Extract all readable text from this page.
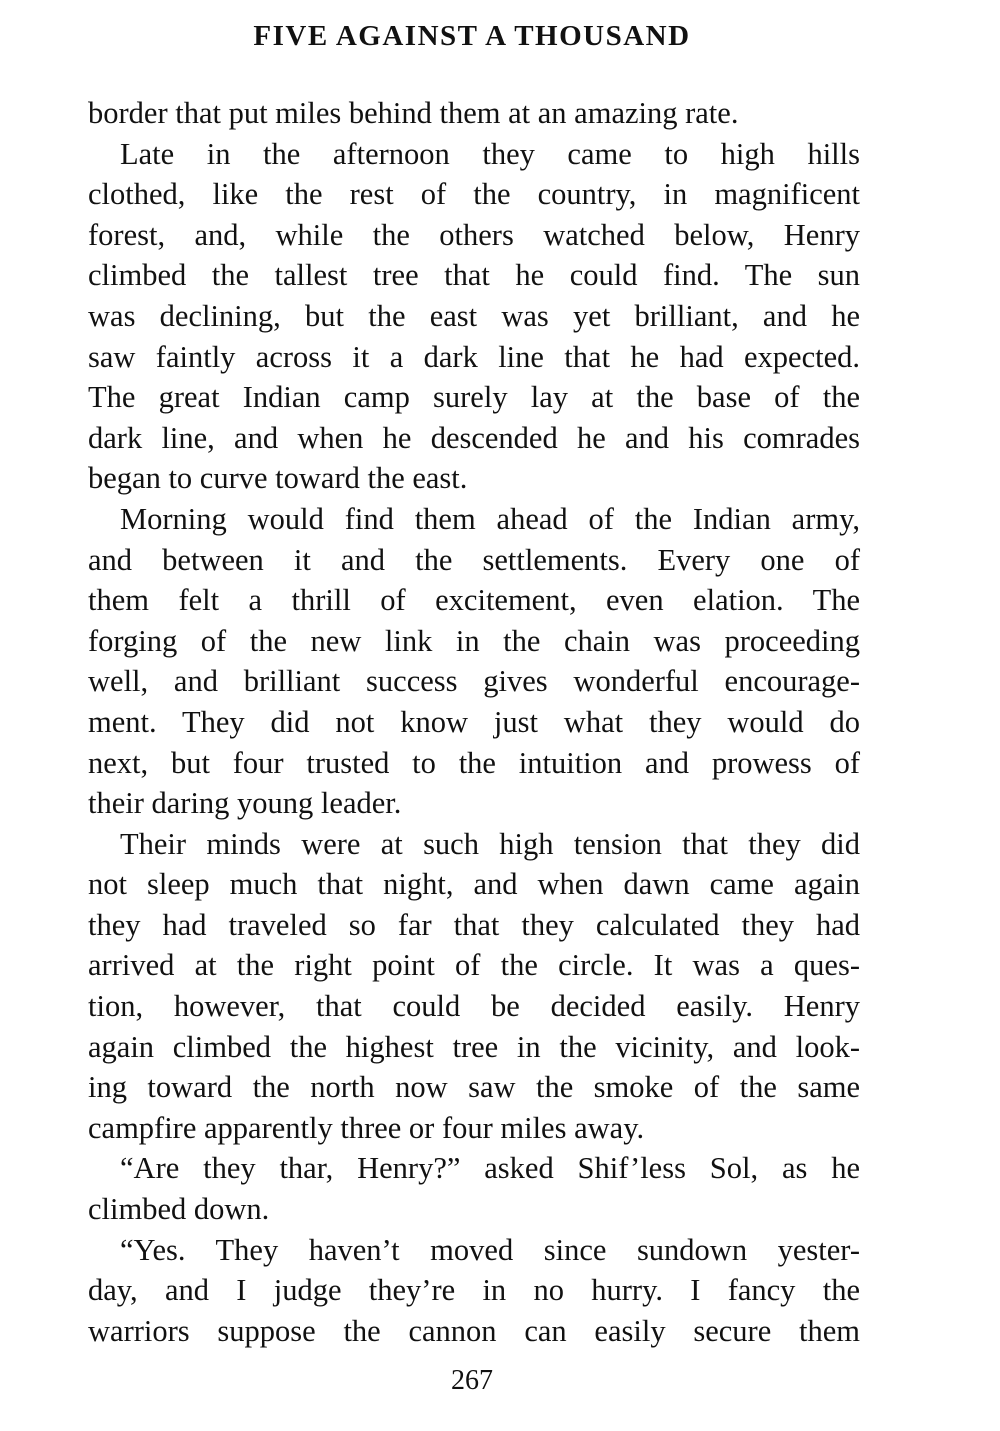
FIVE AGAINST A THOUSAND
border that put miles behind them at an amazing rate.
Late in the afternoon they came to high hills
clothed, like the rest of the country, in magnificent
forest, and, while the others watched below, Henry
climbed the tallest tree that he could find. The sun
was declining, but the east was yet brilliant, and he
saw faintly across it a dark line that he had expected.
The great Indian camp surely lay at the base of the
dark line, and when he descended he and his comrades
began to curve toward the east.
Morning would find them ahead of the Indian army,
and between it and the settlements. Every one of
them felt a thrill of excitement, even elation. The
forging of the new link in the chain was proceeding
well, and brilliant success gives wonderful encourage-
ment. They did not know just what they would do
next, but four trusted to the intuition and prowess of
their daring young leader.
Their minds were at such high tension that they did
not sleep much that night, and when dawn came again
they had traveled so far that they calculated they had
arrived at the right point of the circle. It was a ques-
tion, however, that could be decided easily. Henry
again climbed the highest tree in the vicinity, and look-
ing toward the north now saw the smoke of the same
campfire apparently three or four miles away.
“Are they thar, Henry?” asked Shif’less Sol, as he
climbed down.
“Yes. They haven’t moved since sundown yester-
day, and I judge they’re in no hurry. I fancy the
warriors suppose the cannon can easily secure them
267
